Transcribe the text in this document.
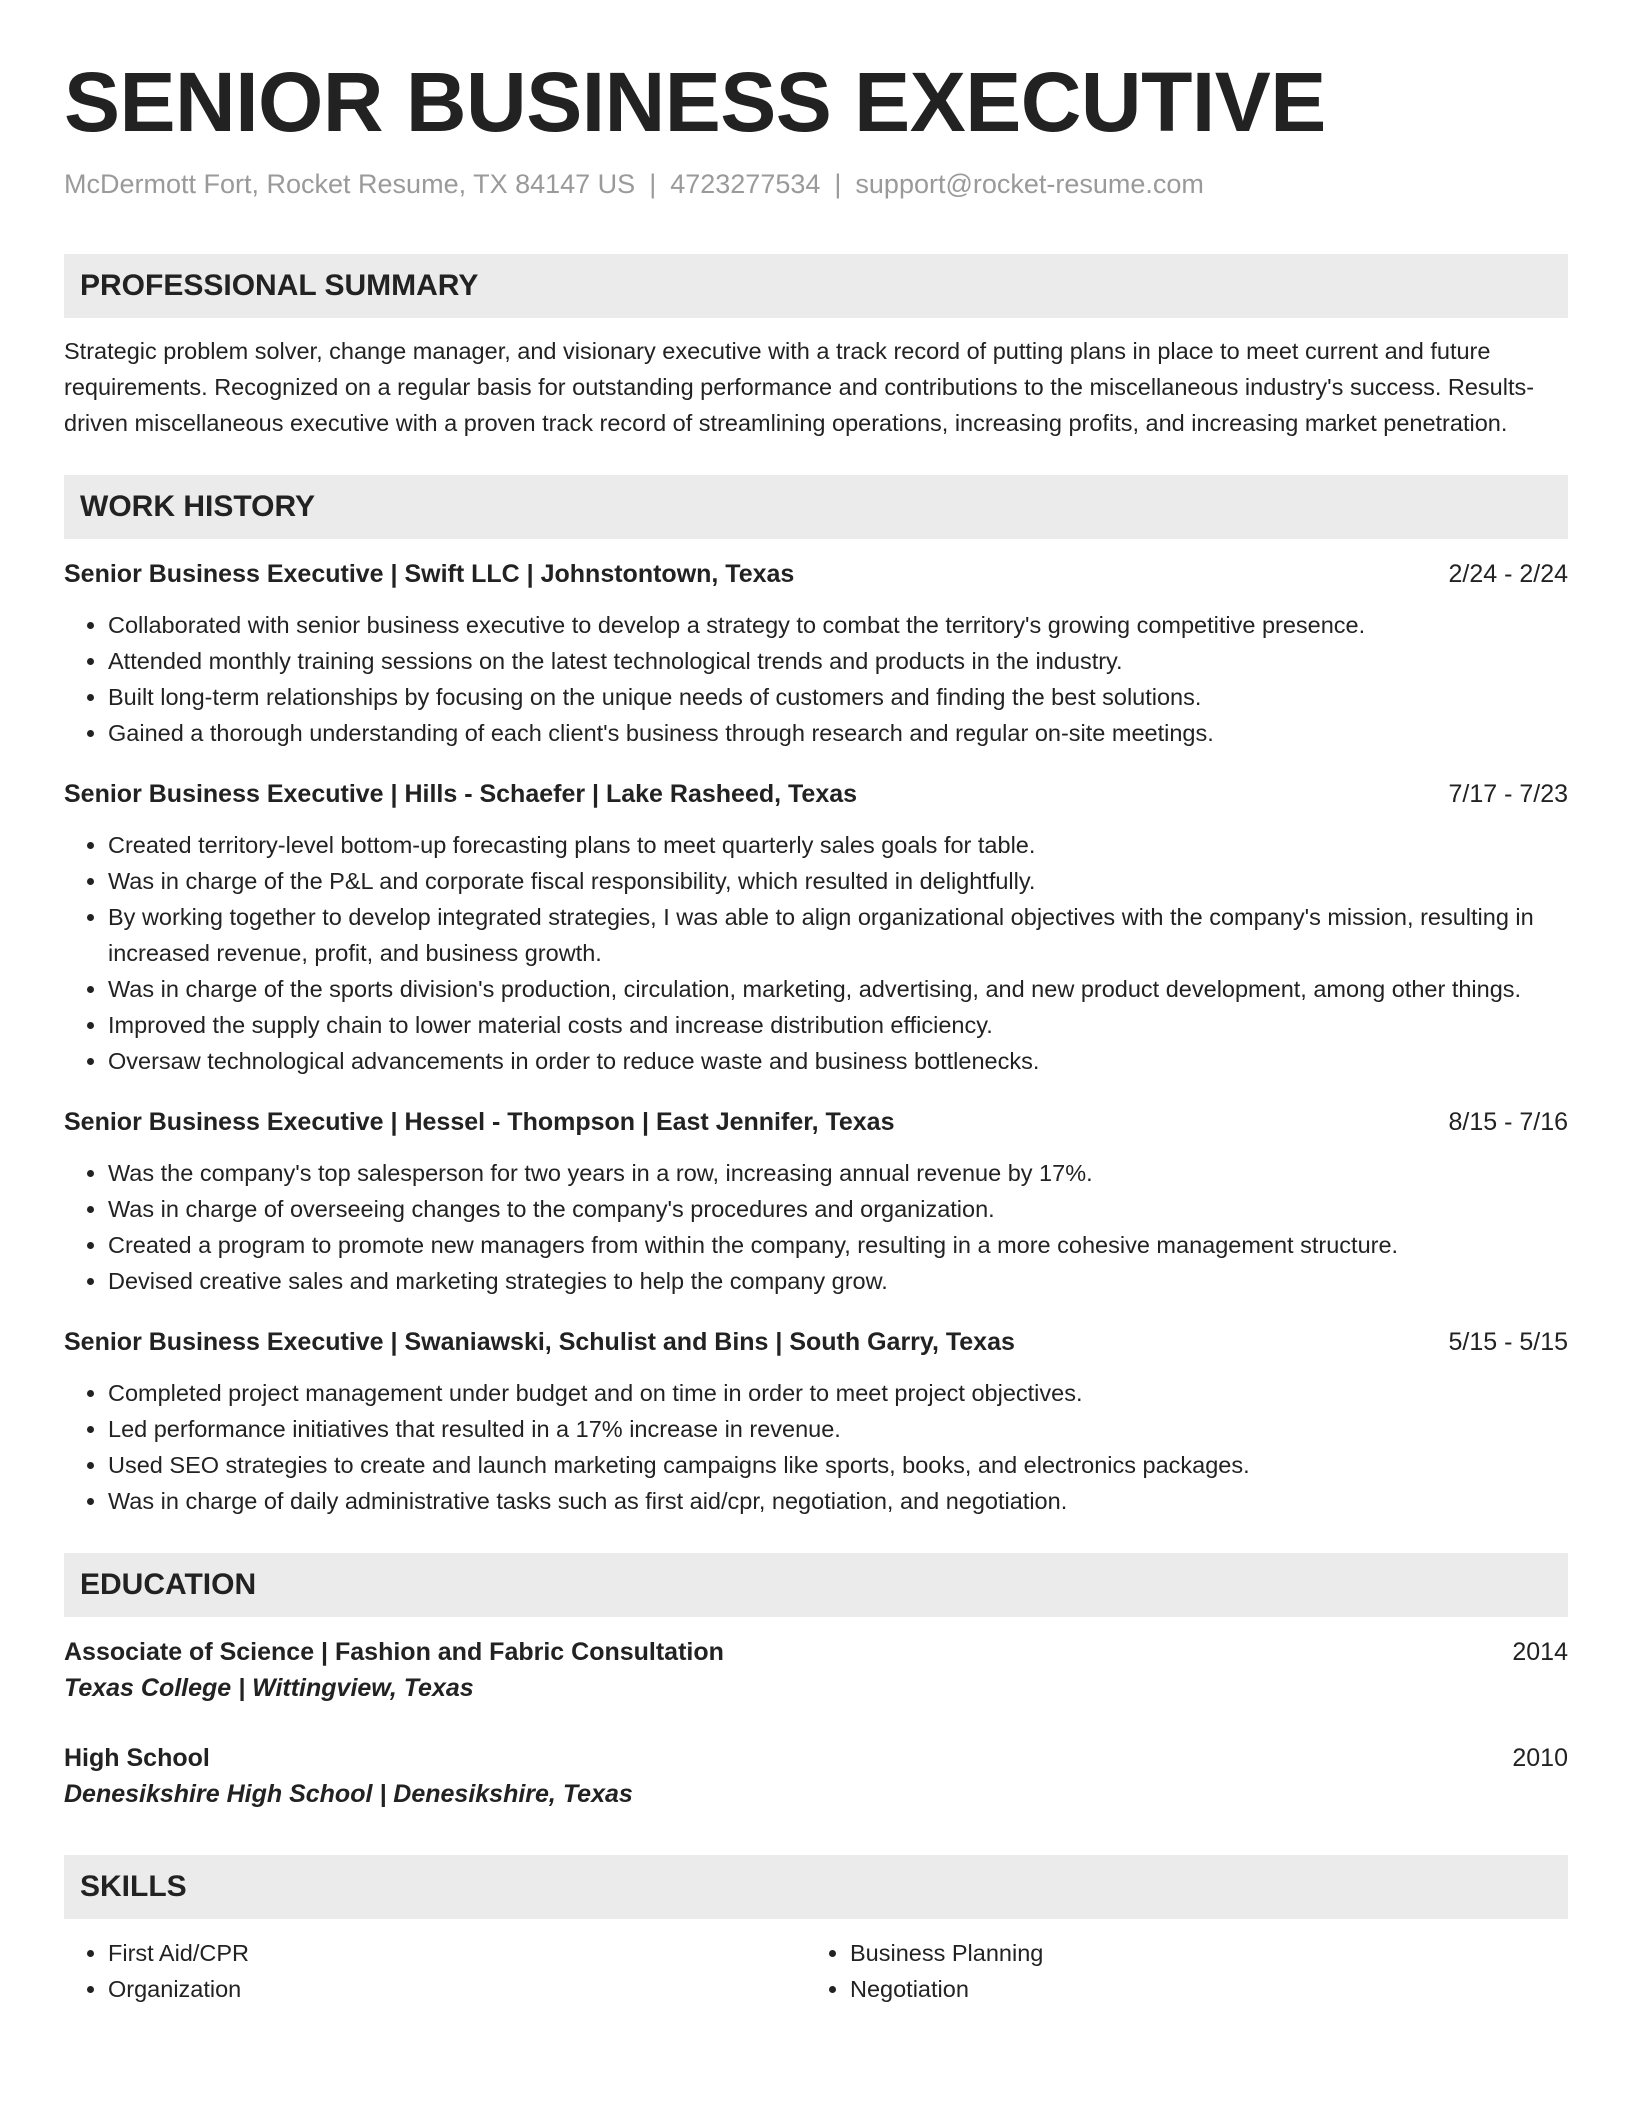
SENIOR BUSINESS EXECUTIVE
McDermott Fort, Rocket Resume, TX 84147 US | 4723277534 | support@rocket-resume.com
PROFESSIONAL SUMMARY

Strategic problem solver, change manager, and visionary executive with a track record of putting plans in place to meet current and future requirements. Recognized on a regular basis for outstanding performance and contributions to the miscellaneous industry's success. Results-driven miscellaneous executive with a proven track record of streamlining operations, increasing profits, and increasing market penetration.

WORK HISTORY
Senior Business Executive | Swift LLC | Johnstontown, Texas	2/24 - 2/24
• Collaborated with senior business executive to develop a strategy to combat the territory's growing competitive presence.
• Attended monthly training sessions on the latest technological trends and products in the industry.
• Built long-term relationships by focusing on the unique needs of customers and finding the best solutions.
• Gained a thorough understanding of each client's business through research and regular on-site meetings.
Senior Business Executive | Hills - Schaefer | Lake Rasheed, Texas	7/17 - 7/23
• Created territory-level bottom-up forecasting plans to meet quarterly sales goals for table.
• Was in charge of the P&L and corporate fiscal responsibility, which resulted in delightfully.
• By working together to develop integrated strategies, I was able to align organizational objectives with the company's mission, resulting in increased revenue, profit, and business growth.
• Was in charge of the sports division's production, circulation, marketing, advertising, and new product development, among other things.
• Improved the supply chain to lower material costs and increase distribution efficiency.
• Oversaw technological advancements in order to reduce waste and business bottlenecks.
Senior Business Executive | Hessel - Thompson | East Jennifer, Texas	8/15 - 7/16
• Was the company's top salesperson for two years in a row, increasing annual revenue by 17%.
• Was in charge of overseeing changes to the company's procedures and organization.
• Created a program to promote new managers from within the company, resulting in a more cohesive management structure.
• Devised creative sales and marketing strategies to help the company grow.
Senior Business Executive | Swaniawski, Schulist and Bins | South Garry, Texas	5/15 - 5/15
• Completed project management under budget and on time in order to meet project objectives.
• Led performance initiatives that resulted in a 17% increase in revenue.
• Used SEO strategies to create and launch marketing campaigns like sports, books, and electronics packages.
• Was in charge of daily administrative tasks such as first aid/cpr, negotiation, and negotiation.
EDUCATION
Associate of Science | Fashion and Fabric Consultation	2014
Texas College | Wittingview, Texas
High School	2010
Denesikshire High School | Denesikshire, Texas
SKILLS
• First Aid/CPR
• Organization
• Business Planning
• Negotiation
